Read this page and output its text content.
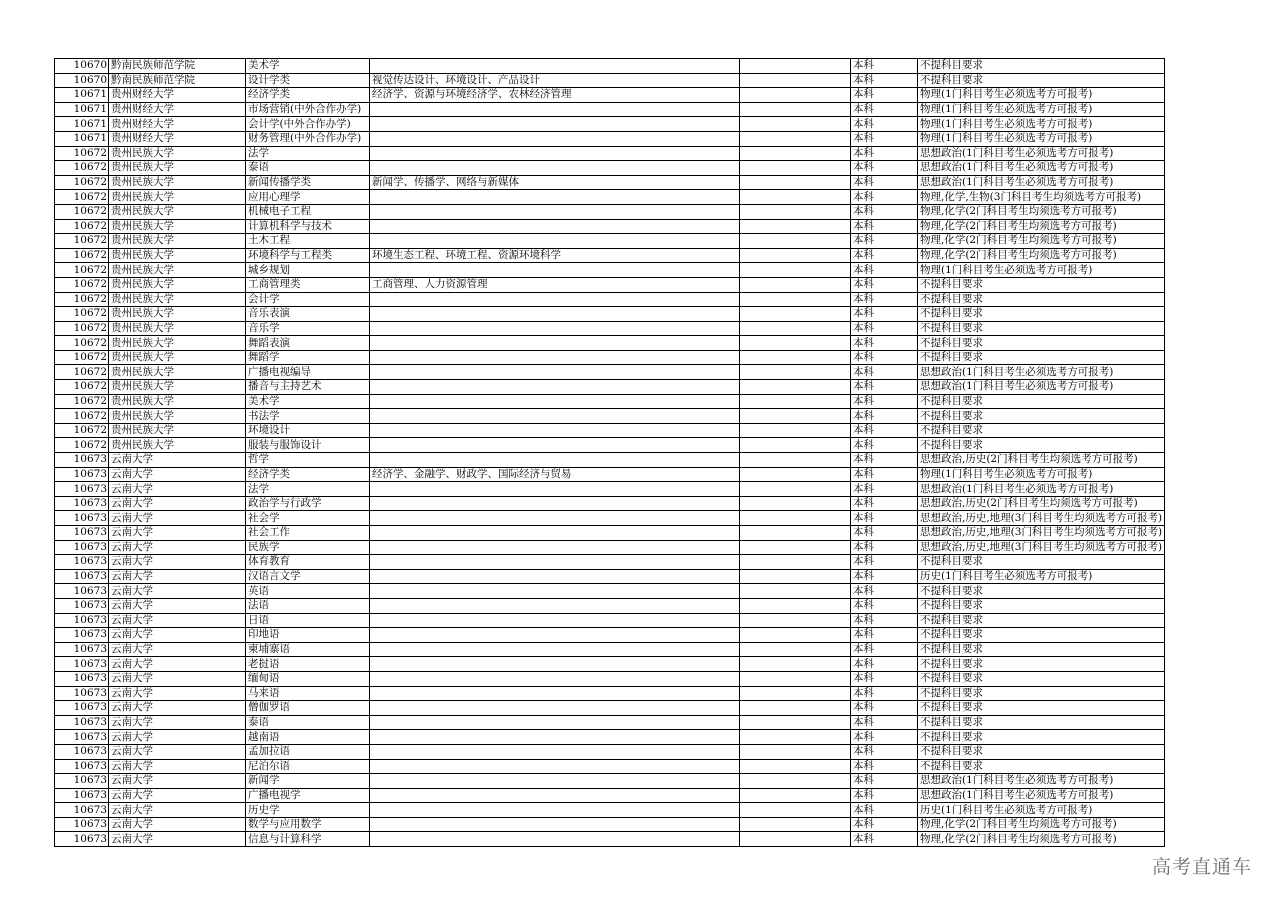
10670	黔南民族师范学院	美术学			本科	不提科目要求
10670	黔南民族师范学院	设计学类	视觉传达设计、环境设计、产品设计		本科	不提科目要求
10671	贵州财经大学	经济学类	经济学、资源与环境经济学、农林经济管理		本科	物理(1门科目考生必须选考方可报考)
10671	贵州财经大学	市场营销(中外合作办学)			本科	物理(1门科目考生必须选考方可报考)
10671	贵州财经大学	会计学(中外合作办学)			本科	物理(1门科目考生必须选考方可报考)
10671	贵州财经大学	财务管理(中外合作办学)			本科	物理(1门科目考生必须选考方可报考)
10672	贵州民族大学	法学			本科	思想政治(1门科目考生必须选考方可报考)
10672	贵州民族大学	泰语			本科	思想政治(1门科目考生必须选考方可报考)
10672	贵州民族大学	新闻传播学类	新闻学、传播学、网络与新媒体		本科	思想政治(1门科目考生必须选考方可报考)
10672	贵州民族大学	应用心理学			本科	物理,化学,生物(3门科目考生均须选考方可报考)
10672	贵州民族大学	机械电子工程			本科	物理,化学(2门科目考生均须选考方可报考)
10672	贵州民族大学	计算机科学与技术			本科	物理,化学(2门科目考生均须选考方可报考)
10672	贵州民族大学	土木工程			本科	物理,化学(2门科目考生均须选考方可报考)
10672	贵州民族大学	环境科学与工程类	环境生态工程、环境工程、资源环境科学		本科	物理,化学(2门科目考生均须选考方可报考)
10672	贵州民族大学	城乡规划			本科	物理(1门科目考生必须选考方可报考)
10672	贵州民族大学	工商管理类	工商管理、人力资源管理		本科	不提科目要求
10672	贵州民族大学	会计学			本科	不提科目要求
10672	贵州民族大学	音乐表演			本科	不提科目要求
10672	贵州民族大学	音乐学			本科	不提科目要求
10672	贵州民族大学	舞蹈表演			本科	不提科目要求
10672	贵州民族大学	舞蹈学			本科	不提科目要求
10672	贵州民族大学	广播电视编导			本科	思想政治(1门科目考生必须选考方可报考)
10672	贵州民族大学	播音与主持艺术			本科	思想政治(1门科目考生必须选考方可报考)
10672	贵州民族大学	美术学			本科	不提科目要求
10672	贵州民族大学	书法学			本科	不提科目要求
10672	贵州民族大学	环境设计			本科	不提科目要求
10672	贵州民族大学	服装与服饰设计			本科	不提科目要求
10673	云南大学	哲学			本科	思想政治,历史(2门科目考生均须选考方可报考)
10673	云南大学	经济学类	经济学、金融学、财政学、国际经济与贸易		本科	物理(1门科目考生必须选考方可报考)
10673	云南大学	法学			本科	思想政治(1门科目考生必须选考方可报考)
10673	云南大学	政治学与行政学			本科	思想政治,历史(2门科目考生均须选考方可报考)
10673	云南大学	社会学			本科	思想政治,历史,地理(3门科目考生均须选考方可报考)
10673	云南大学	社会工作			本科	思想政治,历史,地理(3门科目考生均须选考方可报考)
10673	云南大学	民族学			本科	思想政治,历史,地理(3门科目考生均须选考方可报考)
10673	云南大学	体育教育			本科	不提科目要求
10673	云南大学	汉语言文学			本科	历史(1门科目考生必须选考方可报考)
10673	云南大学	英语			本科	不提科目要求
10673	云南大学	法语			本科	不提科目要求
10673	云南大学	日语			本科	不提科目要求
10673	云南大学	印地语			本科	不提科目要求
10673	云南大学	柬埔寨语			本科	不提科目要求
10673	云南大学	老挝语			本科	不提科目要求
10673	云南大学	缅甸语			本科	不提科目要求
10673	云南大学	马来语			本科	不提科目要求
10673	云南大学	僧伽罗语			本科	不提科目要求
10673	云南大学	泰语			本科	不提科目要求
10673	云南大学	越南语			本科	不提科目要求
10673	云南大学	孟加拉语			本科	不提科目要求
10673	云南大学	尼泊尔语			本科	不提科目要求
10673	云南大学	新闻学			本科	思想政治(1门科目考生必须选考方可报考)
10673	云南大学	广播电视学			本科	思想政治(1门科目考生必须选考方可报考)
10673	云南大学	历史学			本科	历史(1门科目考生必须选考方可报考)
10673	云南大学	数学与应用数学			本科	物理,化学(2门科目考生均须选考方可报考)
10673	云南大学	信息与计算科学			本科	物理,化学(2门科目考生均须选考方可报考)
高考直通车
